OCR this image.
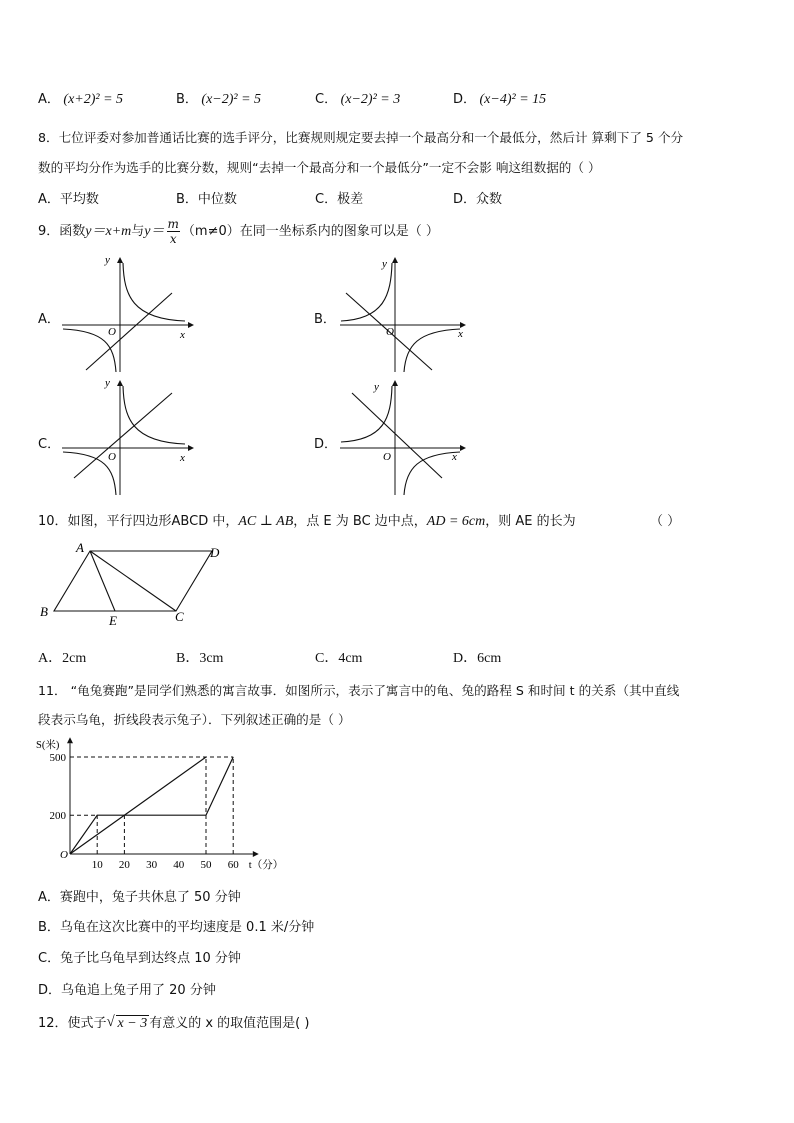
A． (x+2)² = 5	B． (x−2)² = 5	C． (x−2)² = 3	D． (x−4)² = 15
8．七位评委对参加普通话比赛的选手评分，比赛规则规定要去掉一个最高分和一个最低分，然后计 算剩下了 5 个分
数的平均分作为选手的比赛分数，规则“去掉一个最高分和一个最低分”一定不会影 响这组数据的（ ）
A．平均数	B．中位数	C．极差	D．众数
9．函数y＝x+m与$y= \frac{m}{x} (m\ne 0)$在同一坐标系内的图象可以是（ ）
A．	B．
C．	D．
y
x
O
y
x
O
y
x
O
y
x
O
10．如图，平行四边形ABCD 中，AC ⊥ AB，点 E 为 BC 边中点，AD = 6cm，则 AE 的长为	（ ）
A	D
B	C
E
A．2cm	B．3cm	C．4cm	D．6cm
11． “龟兔赛跑”是同学们熟悉的寓言故事．如图所示，表示了寓言中的龟、兔的路程 S 和时间 t 的关系（其中直线
段表示乌龟，折线段表示兔子）．下列叙述正确的是（ ）
10 20 30 40 50 60
200
500
O
S(米)
t（分）
A．赛跑中，兔子共休息了 50 分钟
B．乌龟在这次比赛中的平均速度是 0.1 米/分钟
C．兔子比乌龟早到达终点 10 分钟
D．乌龟追上兔子用了 20 分钟
12．使式子 √ x − 3 有意义的 x 的取值范围是( )
